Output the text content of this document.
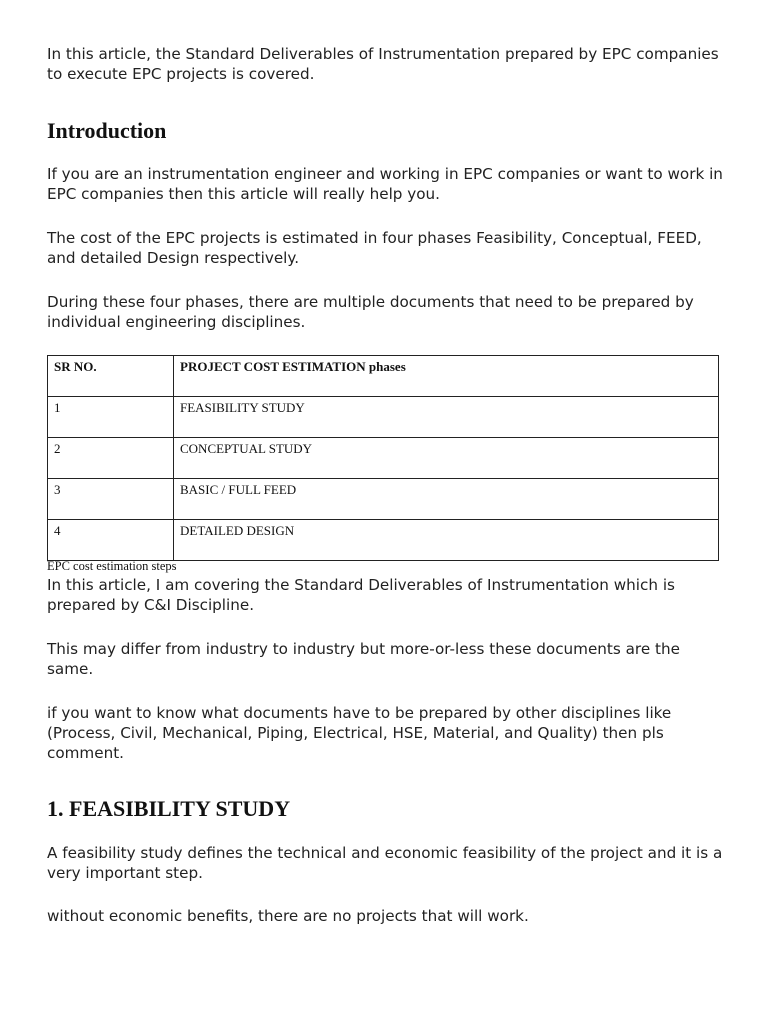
In this article, the Standard Deliverables of Instrumentation prepared by EPC companies to execute EPC projects is covered.

Introduction

If you are an instrumentation engineer and working in EPC companies or want to work in EPC companies then this article will really help you.

The cost of the EPC projects is estimated in four phases Feasibility, Conceptual, FEED, and detailed Design respectively.

During these four phases, there are multiple documents that need to be prepared by individual engineering disciplines.

SR NO.	PROJECT COST ESTIMATION phases
1	FEASIBILITY STUDY
2	CONCEPTUAL STUDY
3	BASIC / FULL FEED
4	DETAILED DESIGN
EPC cost estimation steps

In this article, I am covering the Standard Deliverables of Instrumentation which is prepared by C&I Discipline.

This may differ from industry to industry but more-or-less these documents are the same.

if you want to know what documents have to be prepared by other disciplines like (Process, Civil, Mechanical, Piping, Electrical, HSE, Material, and Quality) then pls comment.

1. FEASIBILITY STUDY

A feasibility study defines the technical and economic feasibility of the project and it is a very important step.

without economic benefits, there are no projects that will work.
